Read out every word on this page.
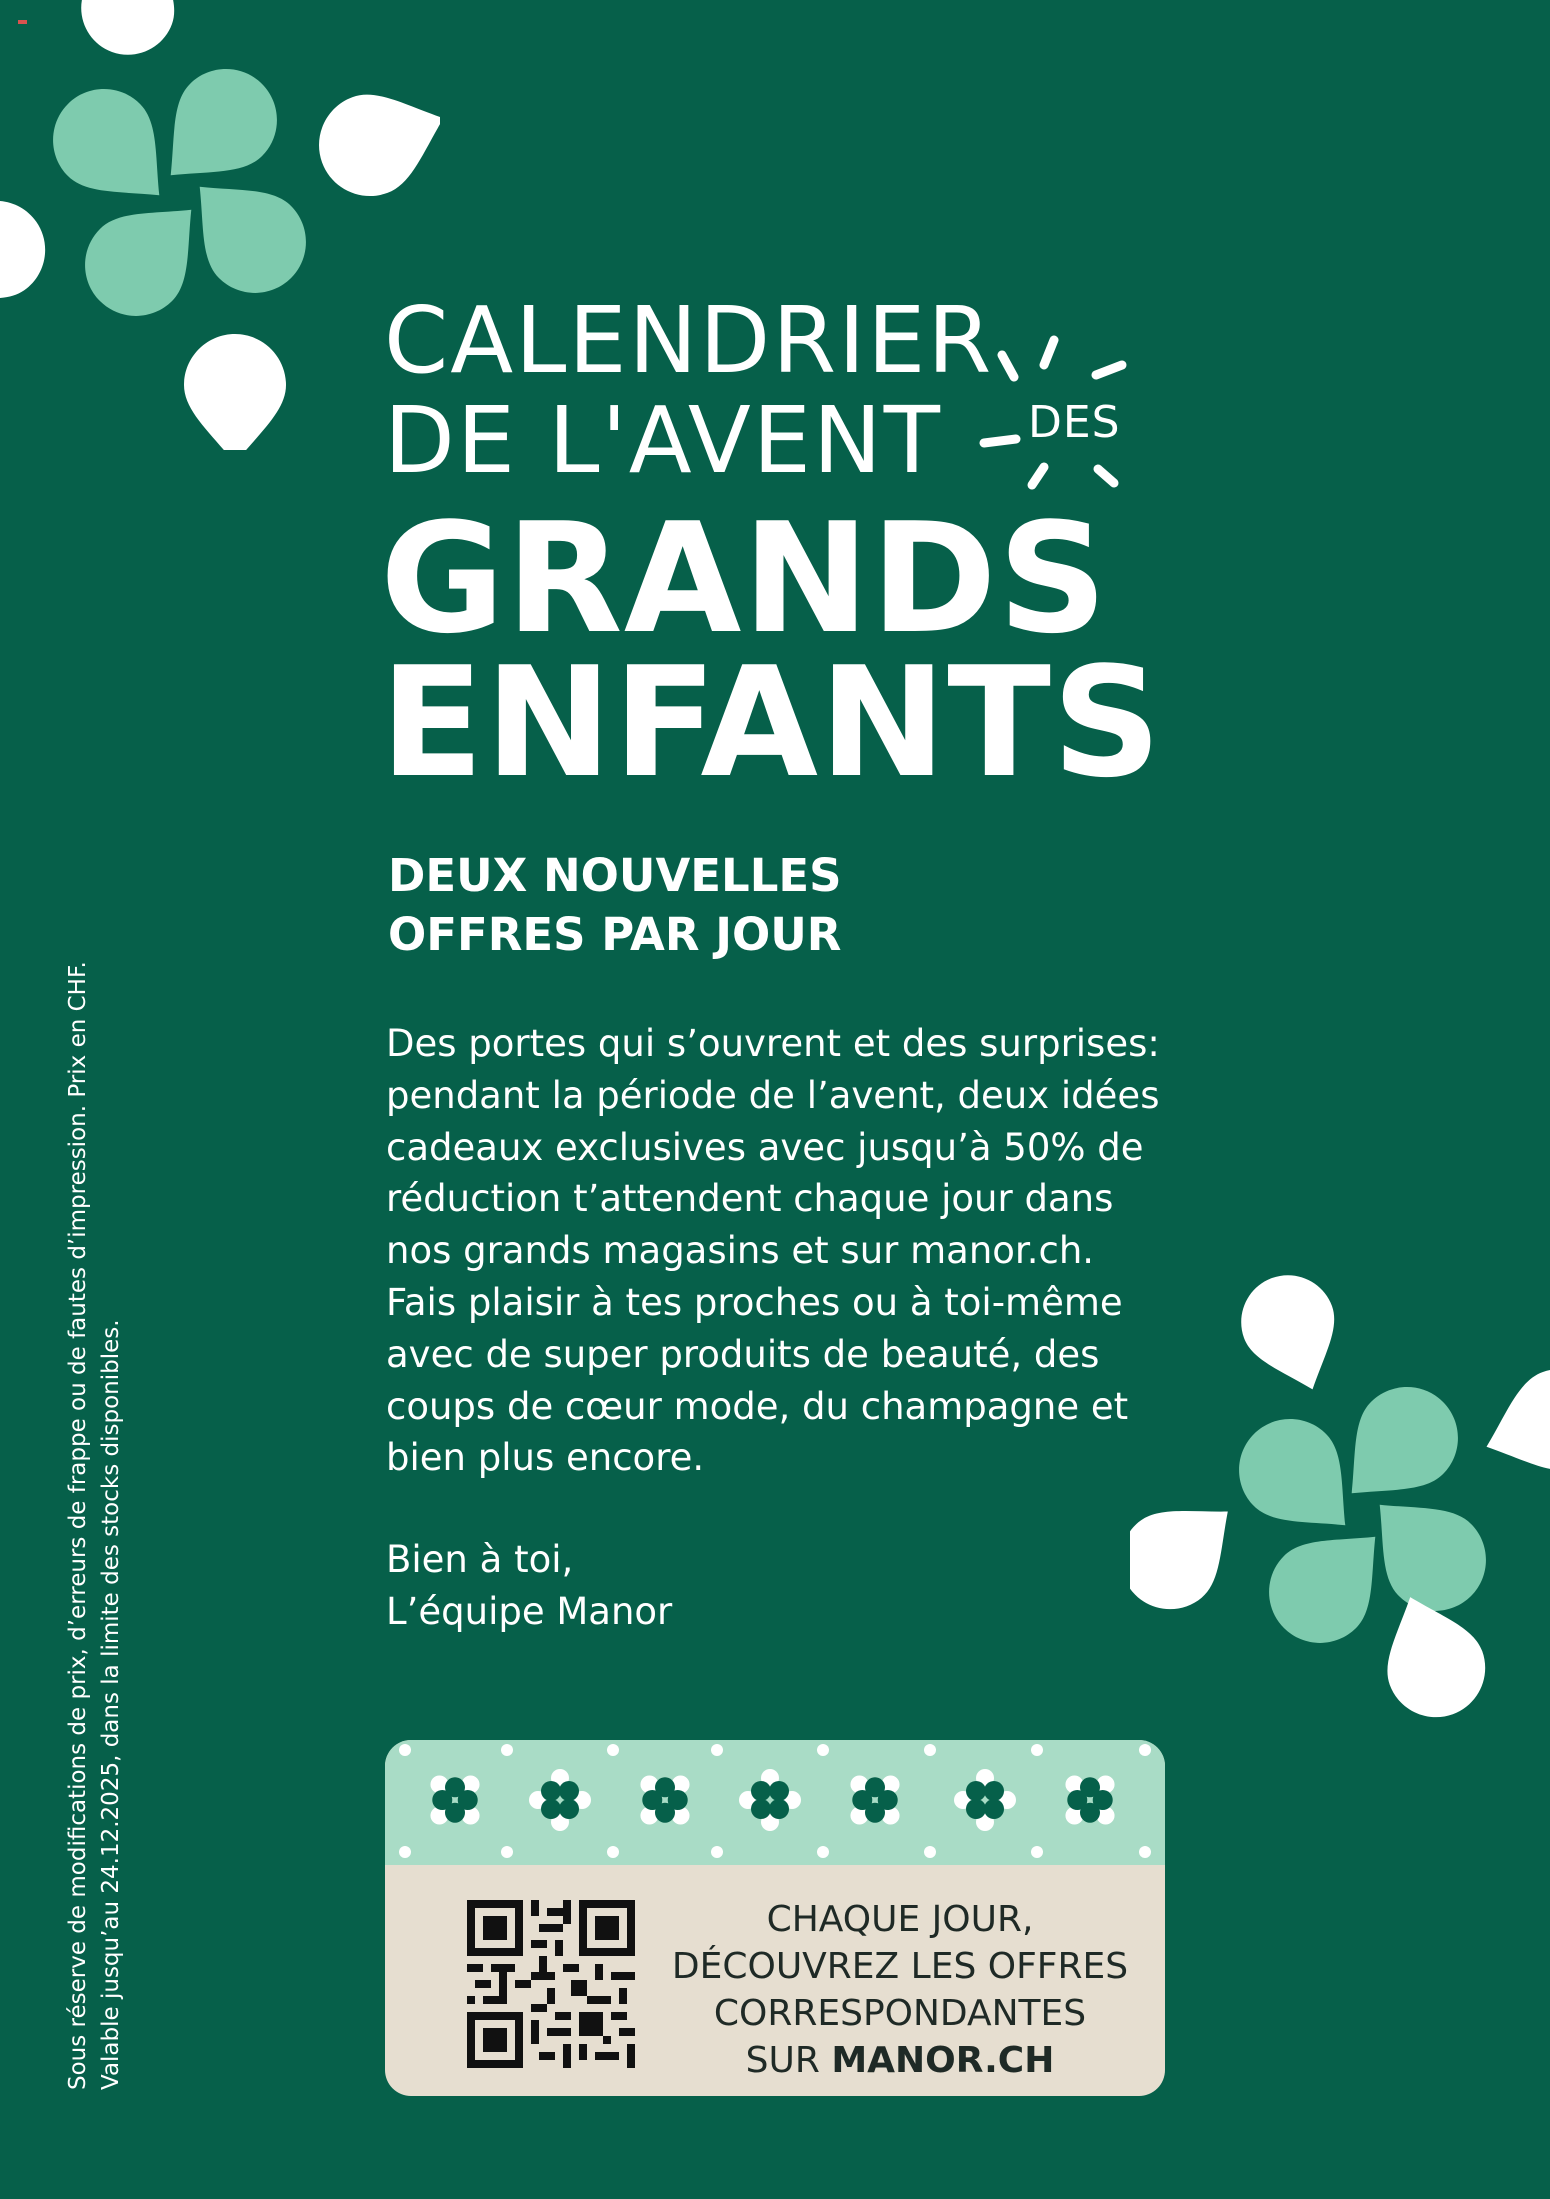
CALENDRIER
DE L'AVENT DES
GRANDS
ENFANTS
DEUX NOUVELLES
OFFRES PAR JOUR
Des portes qui s’ouvrent et des surprises:
pendant la période de l’avent, deux idées
cadeaux exclusives avec jusqu’à 50% de
réduction t’attendent chaque jour dans
nos grands magasins et sur manor.ch.
Fais plaisir à tes proches ou à toi-même
avec de super produits de beauté, des
coups de cœur mode, du champagne et
bien plus encore.
Bien à toi,
L’équipe Manor
Sous réserve de modifications de prix, d’erreurs de frappe ou de fautes d’impression. Prix en CHF. Valable jusqu’au 24.12.2025, dans la limite des stocks disponibles.	CHAQUE JOUR,
DÉCOUVREZ LES OFFRES
CORRESPONDANTES
SUR MANOR.CH
